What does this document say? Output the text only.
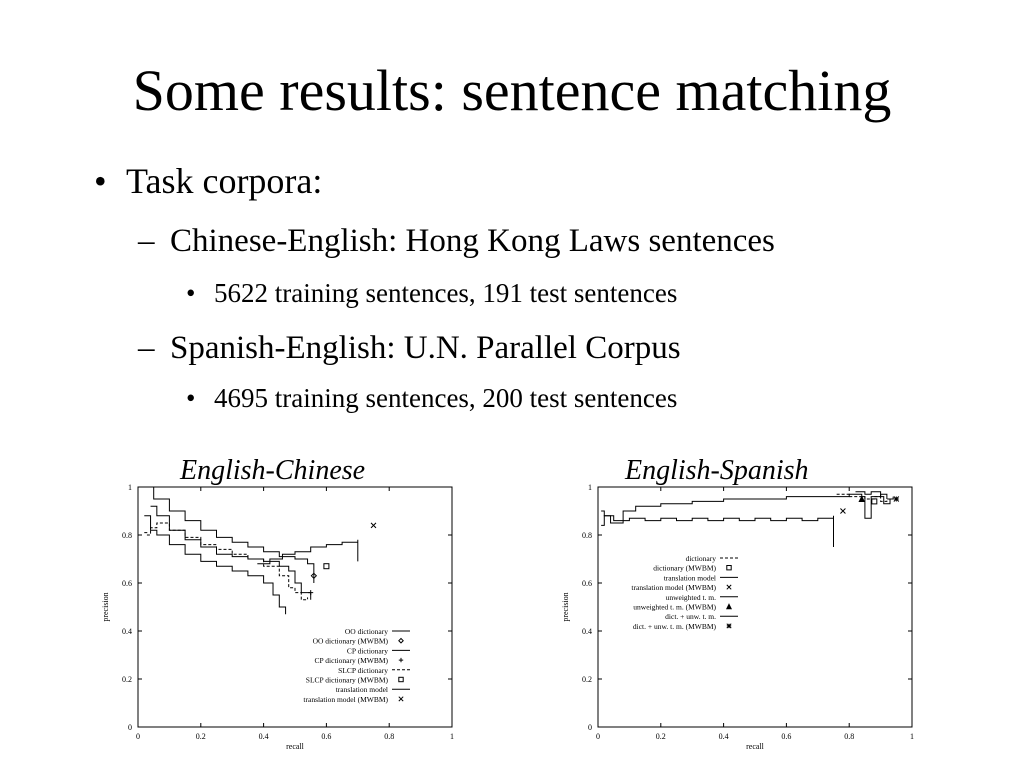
Some results: sentence matching
• Task corpora:
– Chinese-English: Hong Kong Laws sentences
• 5622 training sentences, 191 test sentences
– Spanish-English: U.N. Parallel Corpus
• 4695 training sentences, 200 test sentences
English-Chinese	English-Spanish
0	0.2	0.4	0.6	0.8	1
0
0.2
0.4
0.6
0.8
1
recall
precision
OO dictionary
OO dictionary (MWBM)
CP dictionary
CP dictionary (MWBM)
SLCP dictionary
SLCP dictionary (MWBM)
translation model
translation model (MWBM)
0	0.2	0.4	0.6	0.8	1
0
0.2
0.4
0.6
0.8
1
recall
precision
dictionary
dictionary (MWBM)
translation model
translation model (MWBM)
unweighted t. m.
unweighted t. m. (MWBM)
dict. + unw. t. m.
dict. + unw. t. m. (MWBM)
